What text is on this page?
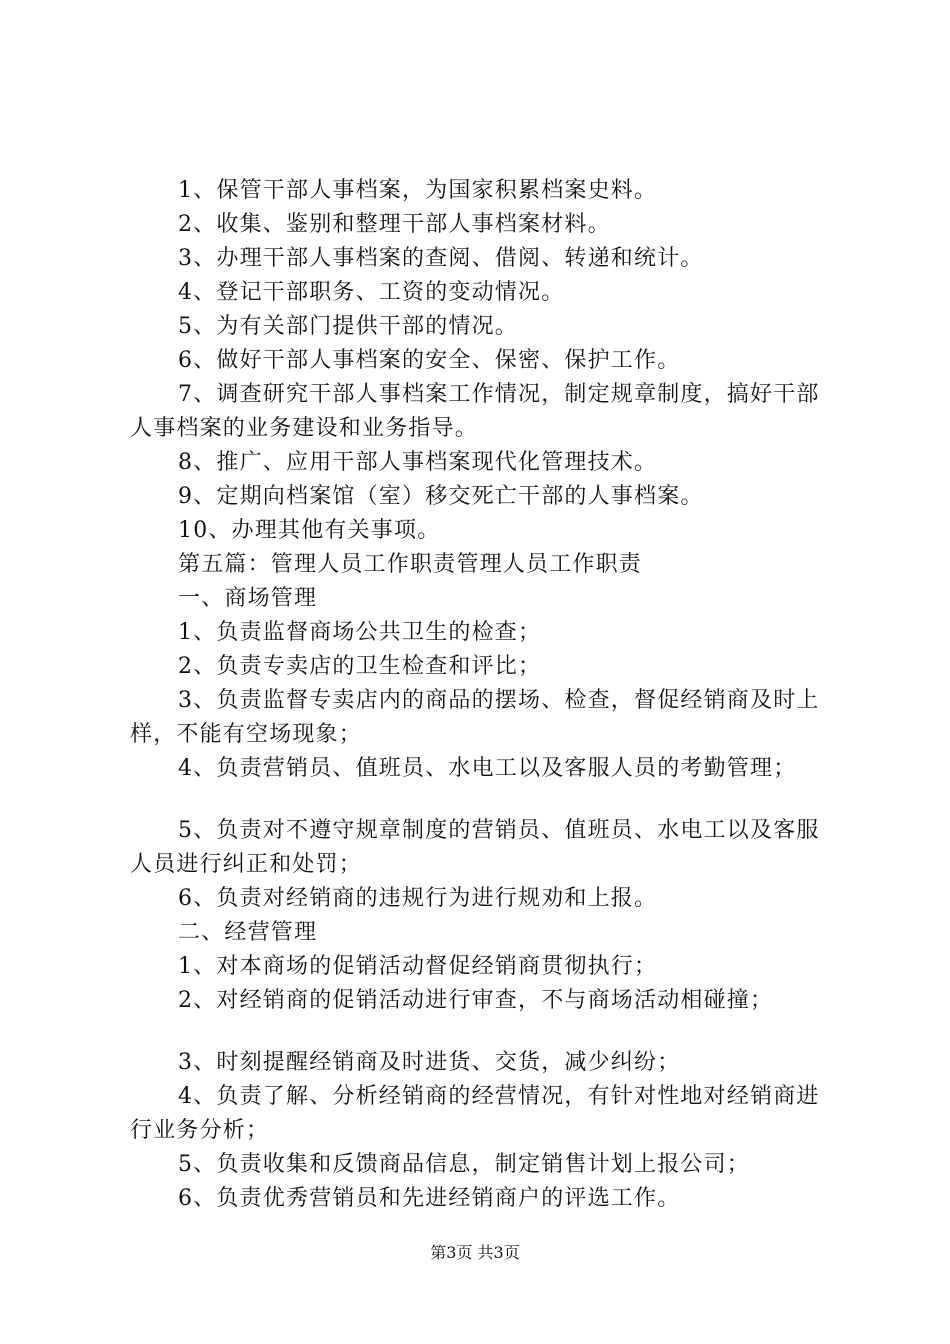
1、保管干部人事档案，为国家积累档案史料。

2、收集、鉴别和整理干部人事档案材料。

3、办理干部人事档案的查阅、借阅、转递和统计。

4、登记干部职务、工资的变动情况。

5、为有关部门提供干部的情况。

6、做好干部人事档案的安全、保密、保护工作。

7、调查研究干部人事档案工作情况，制定规章制度，搞好干部人事档案的业务建设和业务指导。

8、推广、应用干部人事档案现代化管理技术。

9、定期向档案馆（室）移交死亡干部的人事档案。

10、办理其他有关事项。

第五篇：管理人员工作职责管理人员工作职责

一、商场管理

1、负责监督商场公共卫生的检查；

2、负责专卖店的卫生检查和评比；

3、负责监督专卖店内的商品的摆场、检查，督促经销商及时上样，不能有空场现象；

4、负责营销员、值班员、水电工以及客服人员的考勤管理；

5、负责对不遵守规章制度的营销员、值班员、水电工以及客服人员进行纠正和处罚；

6、负责对经销商的违规行为进行规劝和上报。

二、经营管理

1、对本商场的促销活动督促经销商贯彻执行；

2、对经销商的促销活动进行审查，不与商场活动相碰撞；

3、时刻提醒经销商及时进货、交货，减少纠纷；

4、负责了解、分析经销商的经营情况，有针对性地对经销商进行业务分析；

5、负责收集和反馈商品信息，制定销售计划上报公司；

6、负责优秀营销员和先进经销商户的评选工作。

第3页 共3页
